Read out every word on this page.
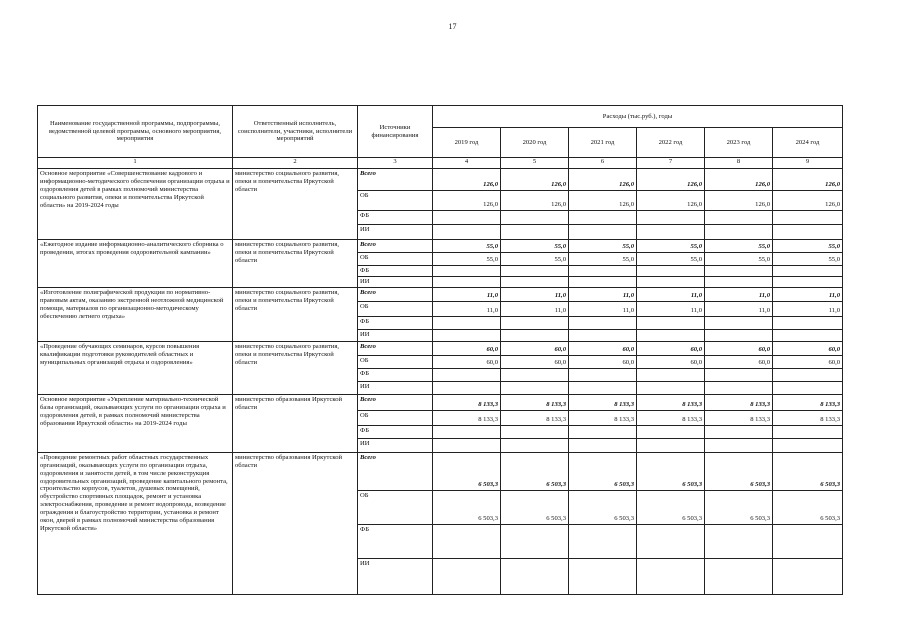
17
Наименование государственной программы, подпрограммы, ведомственной целевой программы, основного мероприятия, мероприятия	Ответственный исполнитель, соисполнители, участники, исполнители мероприятий	Источники финансирования	Расходы (тыс.руб.), годы					
			2019 год	2020 год	2021 год	2022 год	2023 год	2024 год
1	2	3	4	5	6	7	8	9
Основное мероприятие «Совершенствование кадрового и информационно-методического обеспечения организации отдыха и оздоровления детей в рамках полномочий министерства социального развития, опеки и попечительства Иркутской области» на 2019-2024 годы	министерство социального развития, опеки и попечительства Иркутской области	Всего	126,0	126,0	126,0	126,0	126,0	126,0
		ОБ	126,0	126,0	126,0	126,0	126,0	126,0
		ФБ						
		ИИ						
«Ежегодное издание информационно-аналитического сборника о проведении, итогах проведения оздоровительной кампании»	министерство социального развития, опеки и попечительства Иркутской области	Всего	55,0	55,0	55,0	55,0	55,0	55,0
		ОБ	55,0	55,0	55,0	55,0	55,0	55,0
		ФБ						
		ИИ						
«Изготовление полиграфической продукции по нормативно-правовым актам, оказанию экстренной неотложной медицинской помощи, материалов по организационно-методическому обеспечению летнего отдыха»	министерство социального развития, опеки и попечительства Иркутской области	Всего	11,0	11,0	11,0	11,0	11,0	11,0
		ОБ	11,0	11,0	11,0	11,0	11,0	11,0
		ФБ						
		ИИ						
«Проведение обучающих семинаров, курсов повышения квалификации подготовки руководителей областных и муниципальных организаций отдыха и оздоровления»	министерство социального развития, опеки и попечительства Иркутской области	Всего	60,0	60,0	60,0	60,0	60,0	60,0
		ОБ	60,0	60,0	60,0	60,0	60,0	60,0
		ФБ						
		ИИ						
Основное мероприятие «Укрепление материально-технической базы организаций, оказывающих услуги по организации отдыха и оздоровления детей, в рамках полномочий министерства образования Иркутской области» на 2019-2024 годы	министерство образования Иркутской области	Всего	8 133,3	8 133,3	8 133,3	8 133,3	8 133,3	8 133,3
		ОБ	8 133,3	8 133,3	8 133,3	8 133,3	8 133,3	8 133,3
		ФБ						
		ИИ						
«Проведение ремонтных работ областных государственных организаций, оказывающих услуги по организации отдыха, оздоровления и занятости детей, в том числе реконструкция оздоровительных организаций, проведение капитального ремонта, строительство корпусов, туалетов, душевых помещений, обустройство спортивных площадок, ремонт и установка электроснабжения, проведение и ремонт водопровода, возведение ограждения и благоустройство территории, установка и ремонт окон, дверей в рамках полномочий министерства образования Иркутской области»	министерство образования Иркутской области	Всего	6 503,3	6 503,3	6 503,3	6 503,3	6 503,3	6 503,3
		ОБ	6 503,3	6 503,3	6 503,3	6 503,3	6 503,3	6 503,3
		ФБ						
		ИИ						
